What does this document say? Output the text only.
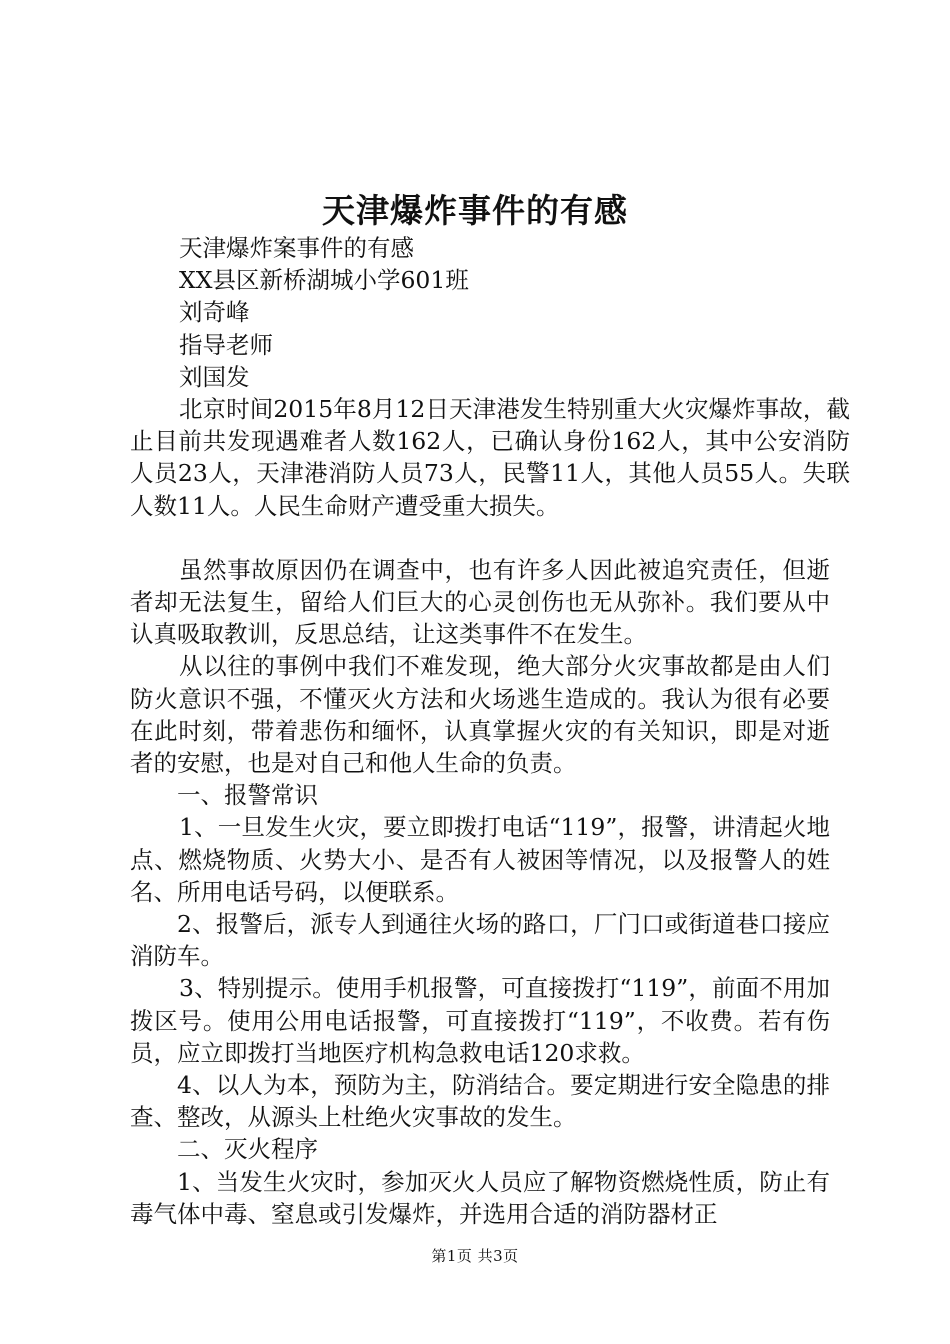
天津爆炸事件的有感

天津爆炸案事件的有感

XX县区新桥湖城小学601班

刘奇峰

指导老师

刘国发

北京时间2015年8月12日天津港发生特别重大火灾爆炸事故，截止目前共发现遇难者人数162人，已确认身份162人，其中公安消防人员23人，天津港消防人员73人，民警11人，其他人员55人。失联人数11人。人民生命财产遭受重大损失。

虽然事故原因仍在调查中，也有许多人因此被追究责任，但逝者却无法复生，留给人们巨大的心灵创伤也无从弥补。我们要从中认真吸取教训，反思总结，让这类事件不在发生。

从以往的事例中我们不难发现，绝大部分火灾事故都是由人们防火意识不强，不懂灭火方法和火场逃生造成的。我认为很有必要在此时刻，带着悲伤和缅怀，认真掌握火灾的有关知识，即是对逝者的安慰，也是对自己和他人生命的负责。

一、报警常识

1、一旦发生火灾，要立即拨打电话“119”，报警，讲清起火地点、燃烧物质、火势大小、是否有人被困等情况，以及报警人的姓名、所用电话号码，以便联系。

2、报警后，派专人到通往火场的路口，厂门口或街道巷口接应消防车。

3、特别提示。使用手机报警，可直接拨打“119”，前面不用加拨区号。使用公用电话报警，可直接拨打“119”，不收费。若有伤员，应立即拨打当地医疗机构急救电话120求救。

4、以人为本，预防为主，防消结合。要定期进行安全隐患的排查、整改，从源头上杜绝火灾事故的发生。

二、灭火程序

1、当发生火灾时，参加灭火人员应了解物资燃烧性质，防止有毒气体中毒、窒息或引发爆炸，并选用合适的消防器材正

第1页 共3页
